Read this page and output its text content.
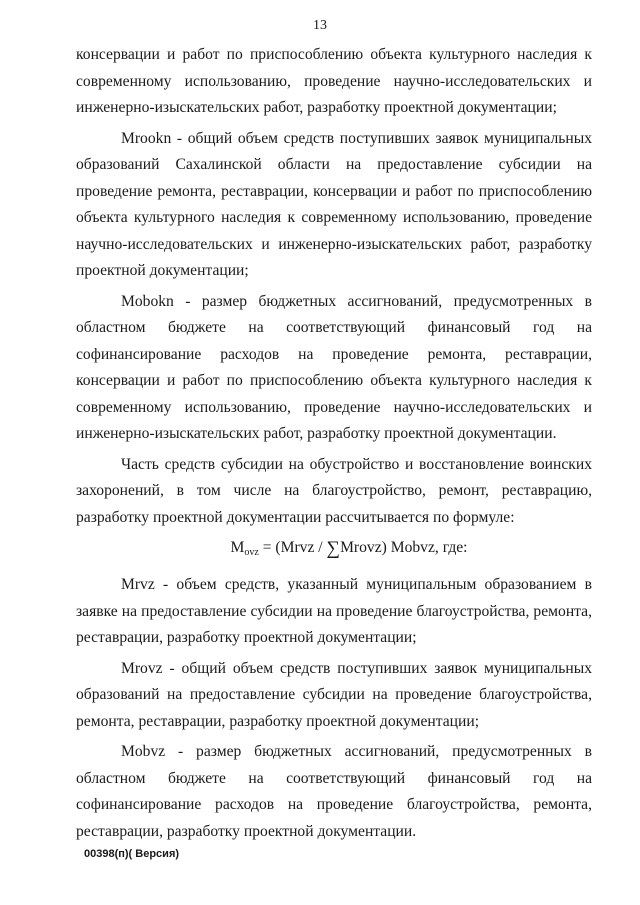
13

консервации и работ по приспособлению объекта культурного наследия к современному использованию, проведение научно-исследовательских и инженерно-изыскательских работ, разработку проектной документации;

Mrookn - общий объем средств поступивших заявок муниципальных образований Сахалинской области на предоставление субсидии на проведение ремонта, реставрации, консервации и работ по приспособлению объекта культурного наследия к современному использованию, проведение научно-исследовательских и инженерно-изыскательских работ, разработку проектной документации;

Mobokn - размер бюджетных ассигнований, предусмотренных в областном бюджете на соответствующий финансовый год на софинансирование расходов на проведение ремонта, реставрации, консервации и работ по приспособлению объекта культурного наследия к современному использованию, проведение научно-исследовательских и инженерно-изыскательских работ, разработку проектной документации.

Часть средств субсидии на обустройство и восстановление воинских захоронений, в том числе на благоустройство, ремонт, реставрацию, разработку проектной документации рассчитывается по формуле:

$M_{ovz}$ = (Mrvz / ∑Mrovz) Mobvz, где:

Mrvz - объем средств, указанный муниципальным образованием в заявке на предоставление субсидии на проведение благоустройства, ремонта, реставрации, разработку проектной документации;

Mrovz - общий объем средств поступивших заявок муниципальных образований на предоставление субсидии на проведение благоустройства, ремонта, реставрации, разработку проектной документации;

Mobvz - размер бюджетных ассигнований, предусмотренных в областном бюджете на соответствующий финансовый год на софинансирование расходов на проведение благоустройства, ремонта, реставрации, разработку проектной документации.

00398(п)( Версия)
